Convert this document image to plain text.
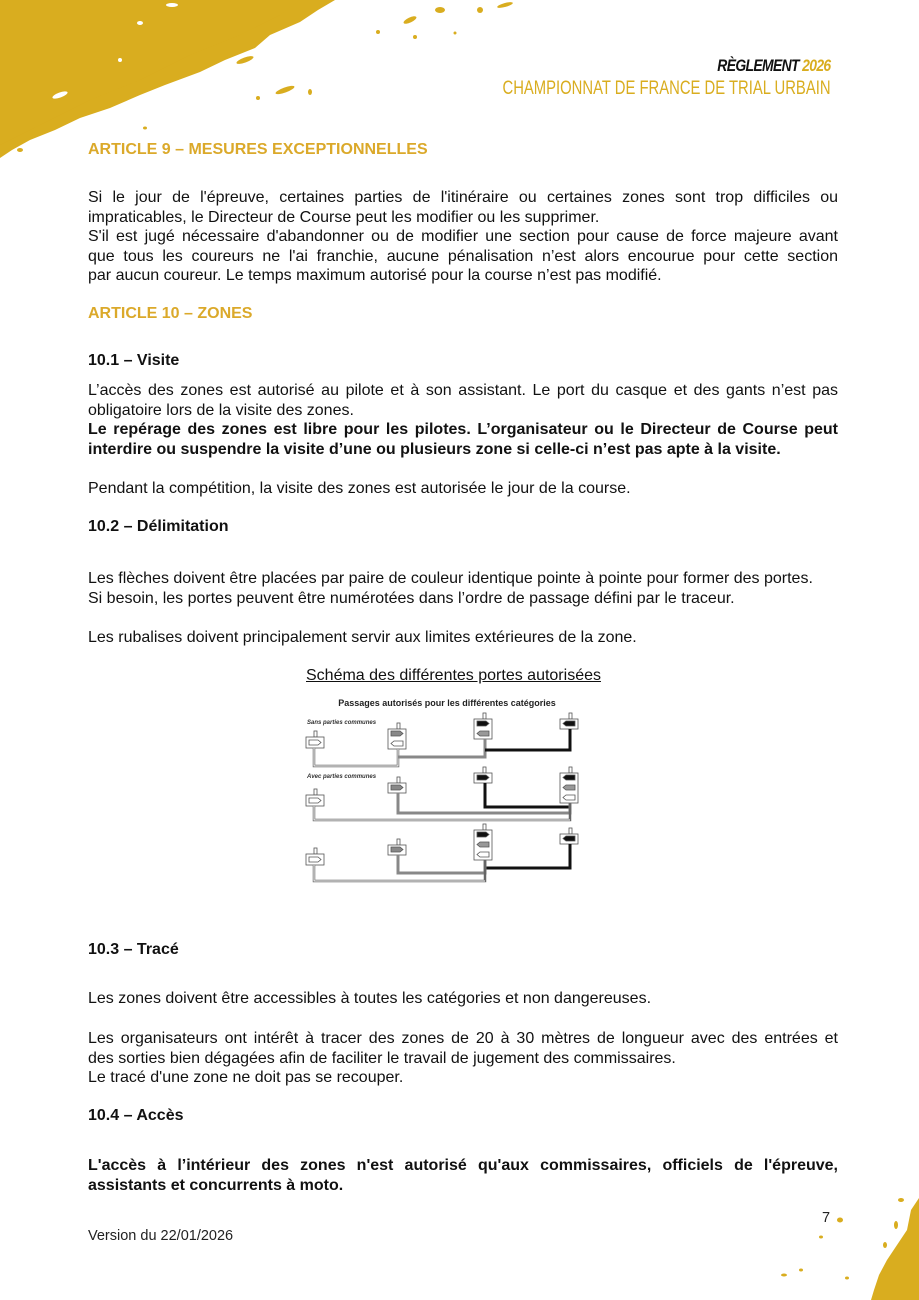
RÈGLEMENT 2026
CHAMPIONNAT DE FRANCE DE TRIAL URBAIN
ARTICLE 9 – MESURES EXCEPTIONNELLES
Si le jour de l'épreuve, certaines parties de l'itinéraire ou certaines zones sont trop difficiles ou
impraticables, le Directeur de Course peut les modifier ou les supprimer.
S'il est jugé nécessaire d'abandonner ou de modifier une section pour cause de force majeure avant
que tous les coureurs ne l'ai franchie, aucune pénalisation n’est alors encourue pour cette section
par aucun coureur. Le temps maximum autorisé pour la course n’est pas modifié.
ARTICLE 10 – ZONES
10.1 – Visite
L’accès des zones est autorisé au pilote et à son assistant. Le port du casque et des gants n’est pas
obligatoire lors de la visite des zones.
Le repérage des zones est libre pour les pilotes. L’organisateur ou le Directeur de Course peut
interdire ou suspendre la visite d’une ou plusieurs zone si celle-ci n’est pas apte à la visite.
Pendant la compétition, la visite des zones est autorisée le jour de la course.
10.2 – Délimitation
Les flèches doivent être placées par paire de couleur identique pointe à pointe pour former des portes.
Si besoin, les portes peuvent être numérotées dans l’ordre de passage défini par le traceur.
Les rubalises doivent principalement servir aux limites extérieures de la zone.
10.3 – Tracé
Les zones doivent être accessibles à toutes les catégories et non dangereuses.
Les organisateurs ont intérêt à tracer des zones de 20 à 30 mètres de longueur avec des entrées et
des sorties bien dégagées afin de faciliter le travail de jugement des commissaires.
Le tracé d'une zone ne doit pas se recouper.
10.4 – Accès
L'accès à l’intérieur des zones n'est autorisé qu'aux commissaires, officiels de l'épreuve,
assistants et concurrents à moto.
Schéma des différentes portes autorisées
Passages autorisés pour les différentes catégories
Sans parties communes
Avec parties communes
Version du 22/01/2026
7
